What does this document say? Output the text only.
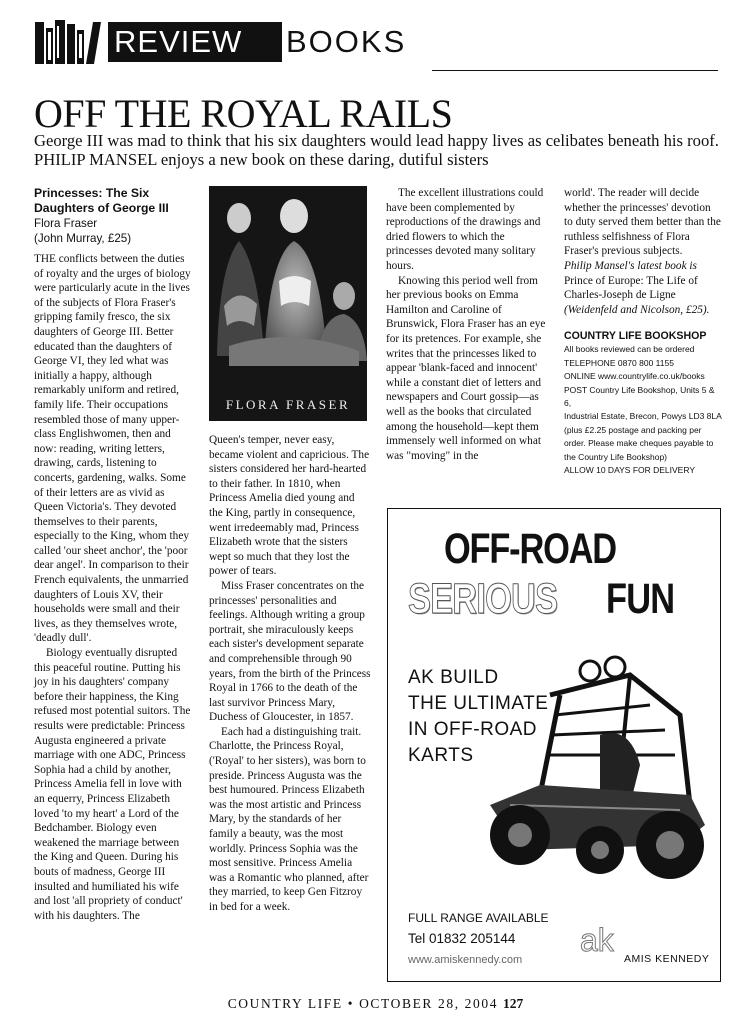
REVIEW	BOOKS
OFF THE ROYAL RAILS
George III was mad to think that his six daughters would lead happy lives as celibates beneath his roof. PHILIP MANSEL enjoys a new book on these daring, dutiful sisters

Princesses: The Six Daughters of George III

Flora Fraser

(John Murray, £25)

THE conflicts between the duties of royalty and the urges of biology were particularly acute in the lives of the subjects of Flora Fraser's gripping family fresco, the six daughters of George III. Better educated than the daughters of George VI, they led what was initially a happy, although remarkably uniform and retired, family life. Their occupations resembled those of many upper-class Englishwomen, then and now: reading, writing letters, drawing, cards, listening to concerts, gardening, walks. Some of their letters are as vivid as Queen Victoria's. They devoted themselves to their parents, especially to the King, whom they called 'our sheet anchor', the 'poor dear angel'. In comparison to their French equivalents, the unmarried daughters of Louis XV, their households were small and their lives, as they themselves wrote, 'deadly dull'.

Biology eventually disrupted this peaceful routine. Putting his joy in his daughters' company before their happiness, the King refused most potential suitors. The results were predictable: Princess Augusta engineered a private marriage with one ADC, Princess Sophia had a child by another, Princess Amelia fell in love with an equerry, Princess Elizabeth loved 'to my heart' a Lord of the Bedchamber. Biology even weakened the marriage between the King and Queen. During his bouts of madness, George III insulted and humiliated his wife and lost 'all propriety of conduct' with his daughters. The

FLORA FRASER

Queen's temper, never easy, became violent and capricious. The sisters considered her hard-hearted to their father. In 1810, when Princess Amelia died young and the King, partly in consequence, went irredeemably mad, Princess Elizabeth wrote that the sisters wept so much that they lost the power of tears.

Miss Fraser concentrates on the princesses' personalities and feelings. Although writing a group portrait, she miraculously keeps each sister's development separate and comprehensible through 90 years, from the birth of the Princess Royal in 1766 to the death of the last survivor Princess Mary, Duchess of Gloucester, in 1857.

Each had a distinguishing trait. Charlotte, the Princess Royal, ('Royal' to her sisters), was born to preside. Princess Augusta was the best humoured. Princess Elizabeth was the most artistic and Princess Mary, by the standards of her family a beauty, was the most worldly. Princess Sophia was the most sensitive. Princess Amelia was a Romantic who planned, after they married, to keep Gen Fitzroy in bed for a week.

The excellent illustrations could have been complemented by reproductions of the drawings and dried flowers to which the princesses devoted many solitary hours.

Knowing this period well from her previous books on Emma Hamilton and Caroline of Brunswick, Flora Fraser has an eye for its pretences. For example, she writes that the princesses liked to appear 'blank-faced and innocent' while a constant diet of letters and newspapers and Court gossip—as well as the books that circulated among the household—kept them immensely well informed on what was "moving" in the

world'. The reader will decide whether the princesses' devotion to duty served them better than the ruthless selfishness of Flora Fraser's previous subjects.

Philip Mansel's latest book is

Prince of Europe: The Life of Charles-Joseph de Ligne

(Weidenfeld and Nicolson, £25).

COUNTRY LIFE BOOKSHOP

All books reviewed can be ordered

TELEPHONE 0870 800 1155

ONLINE www.countrylife.co.uk/books

POST Country Life Bookshop, Units 5 & 6,

Industrial Estate, Brecon, Powys LD3 8LA

(plus £2.25 postage and packing per

order. Please make cheques payable to

the Country Life Bookshop)

ALLOW 10 DAYS FOR DELIVERY

OFF-ROAD
SERIOUS FUN
AK BUILD
THE ULTIMATE
IN OFF-ROAD
KARTS
FULL RANGE AVAILABLE
Tel 01832 205144
www.amiskennedy.com
ak
AMIS KENNEDY
COUNTRY LIFE • OCTOBER 28, 2004 127
